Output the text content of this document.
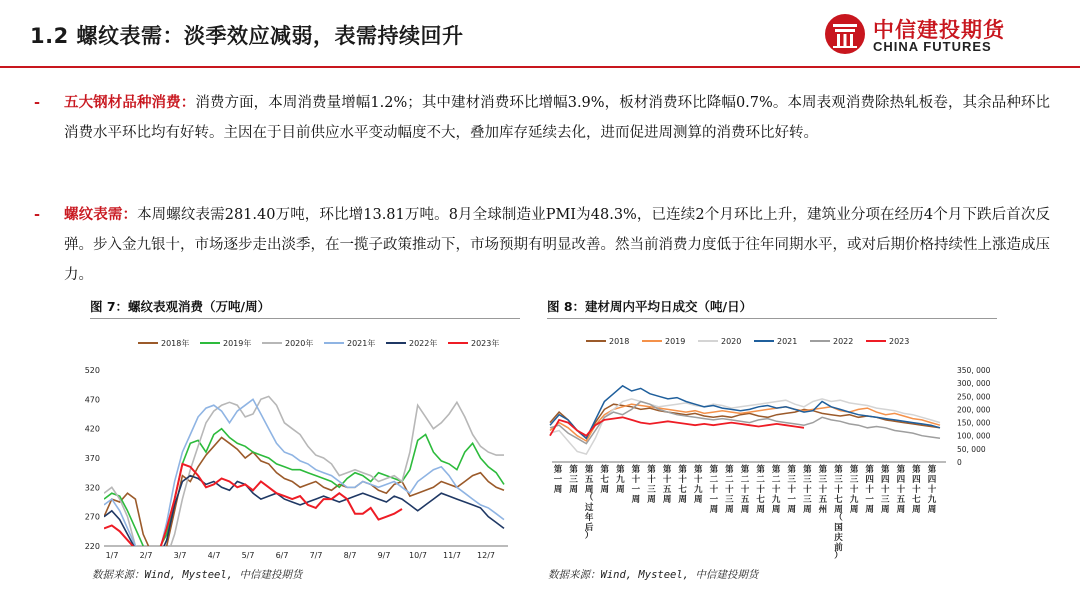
1.2 螺纹表需：淡季效应减弱，表需持续回升	中信建投期货
CHINA FUTURES
- 五大钢材品种消费：消费方面，本周消费量增幅1.2%；其中建材消费环比增幅3.9%，板材消费环比降幅0.7%。本周表观消费除热轧板卷，其余品种环比消费水平环比均有好转。主因在于目前供应水平变动幅度不大，叠加库存延续去化，进而促进周测算的消费环比好转。
- 螺纹表需：本周螺纹表需281.40万吨，环比增13.81万吨。8月全球制造业PMI为48.3%，已连续2个月环比上升，建筑业分项在经历4个月下跌后首次反弹。步入金九银十，市场逐步走出淡季，在一揽子政策推动下，市场预期有明显改善。然当前消费力度低于往年同期水平，或对后期价格持续性上涨造成压力。
图 7：螺纹表观消费（万吨/周）	图 8：建材周内平均日成交（吨/日）
2018年	2019年	2020年	2021年	2022年	2023年
520
470
420
370
320
270
220
1/7	2/7	3/7	4/7	5/7	6/7	7/7	8/7	9/7 10/7 11/7 12/7
2018	2019	2020	2021	2022	2023
350, 000
300, 000
250, 000
200, 000
150, 000
100, 000
50, 000
0
第一周
第三周
第五周（过年后）
第七周
第九周
第十一周
第十三周
第十五周
第十七周
第十九周
第二十一周
第二十三周
第二十五周
第二十七周
第二十九周
第三十一周
第三十三周
第三十五州
第三十七周（国庆前）
第三十九周
第四十一周
第四十三周
第四十五周
第四十七周
第四十九周
数据来源：Wind, Mysteel, 中信建投期货	数据来源：Wind, Mysteel, 中信建投期货
